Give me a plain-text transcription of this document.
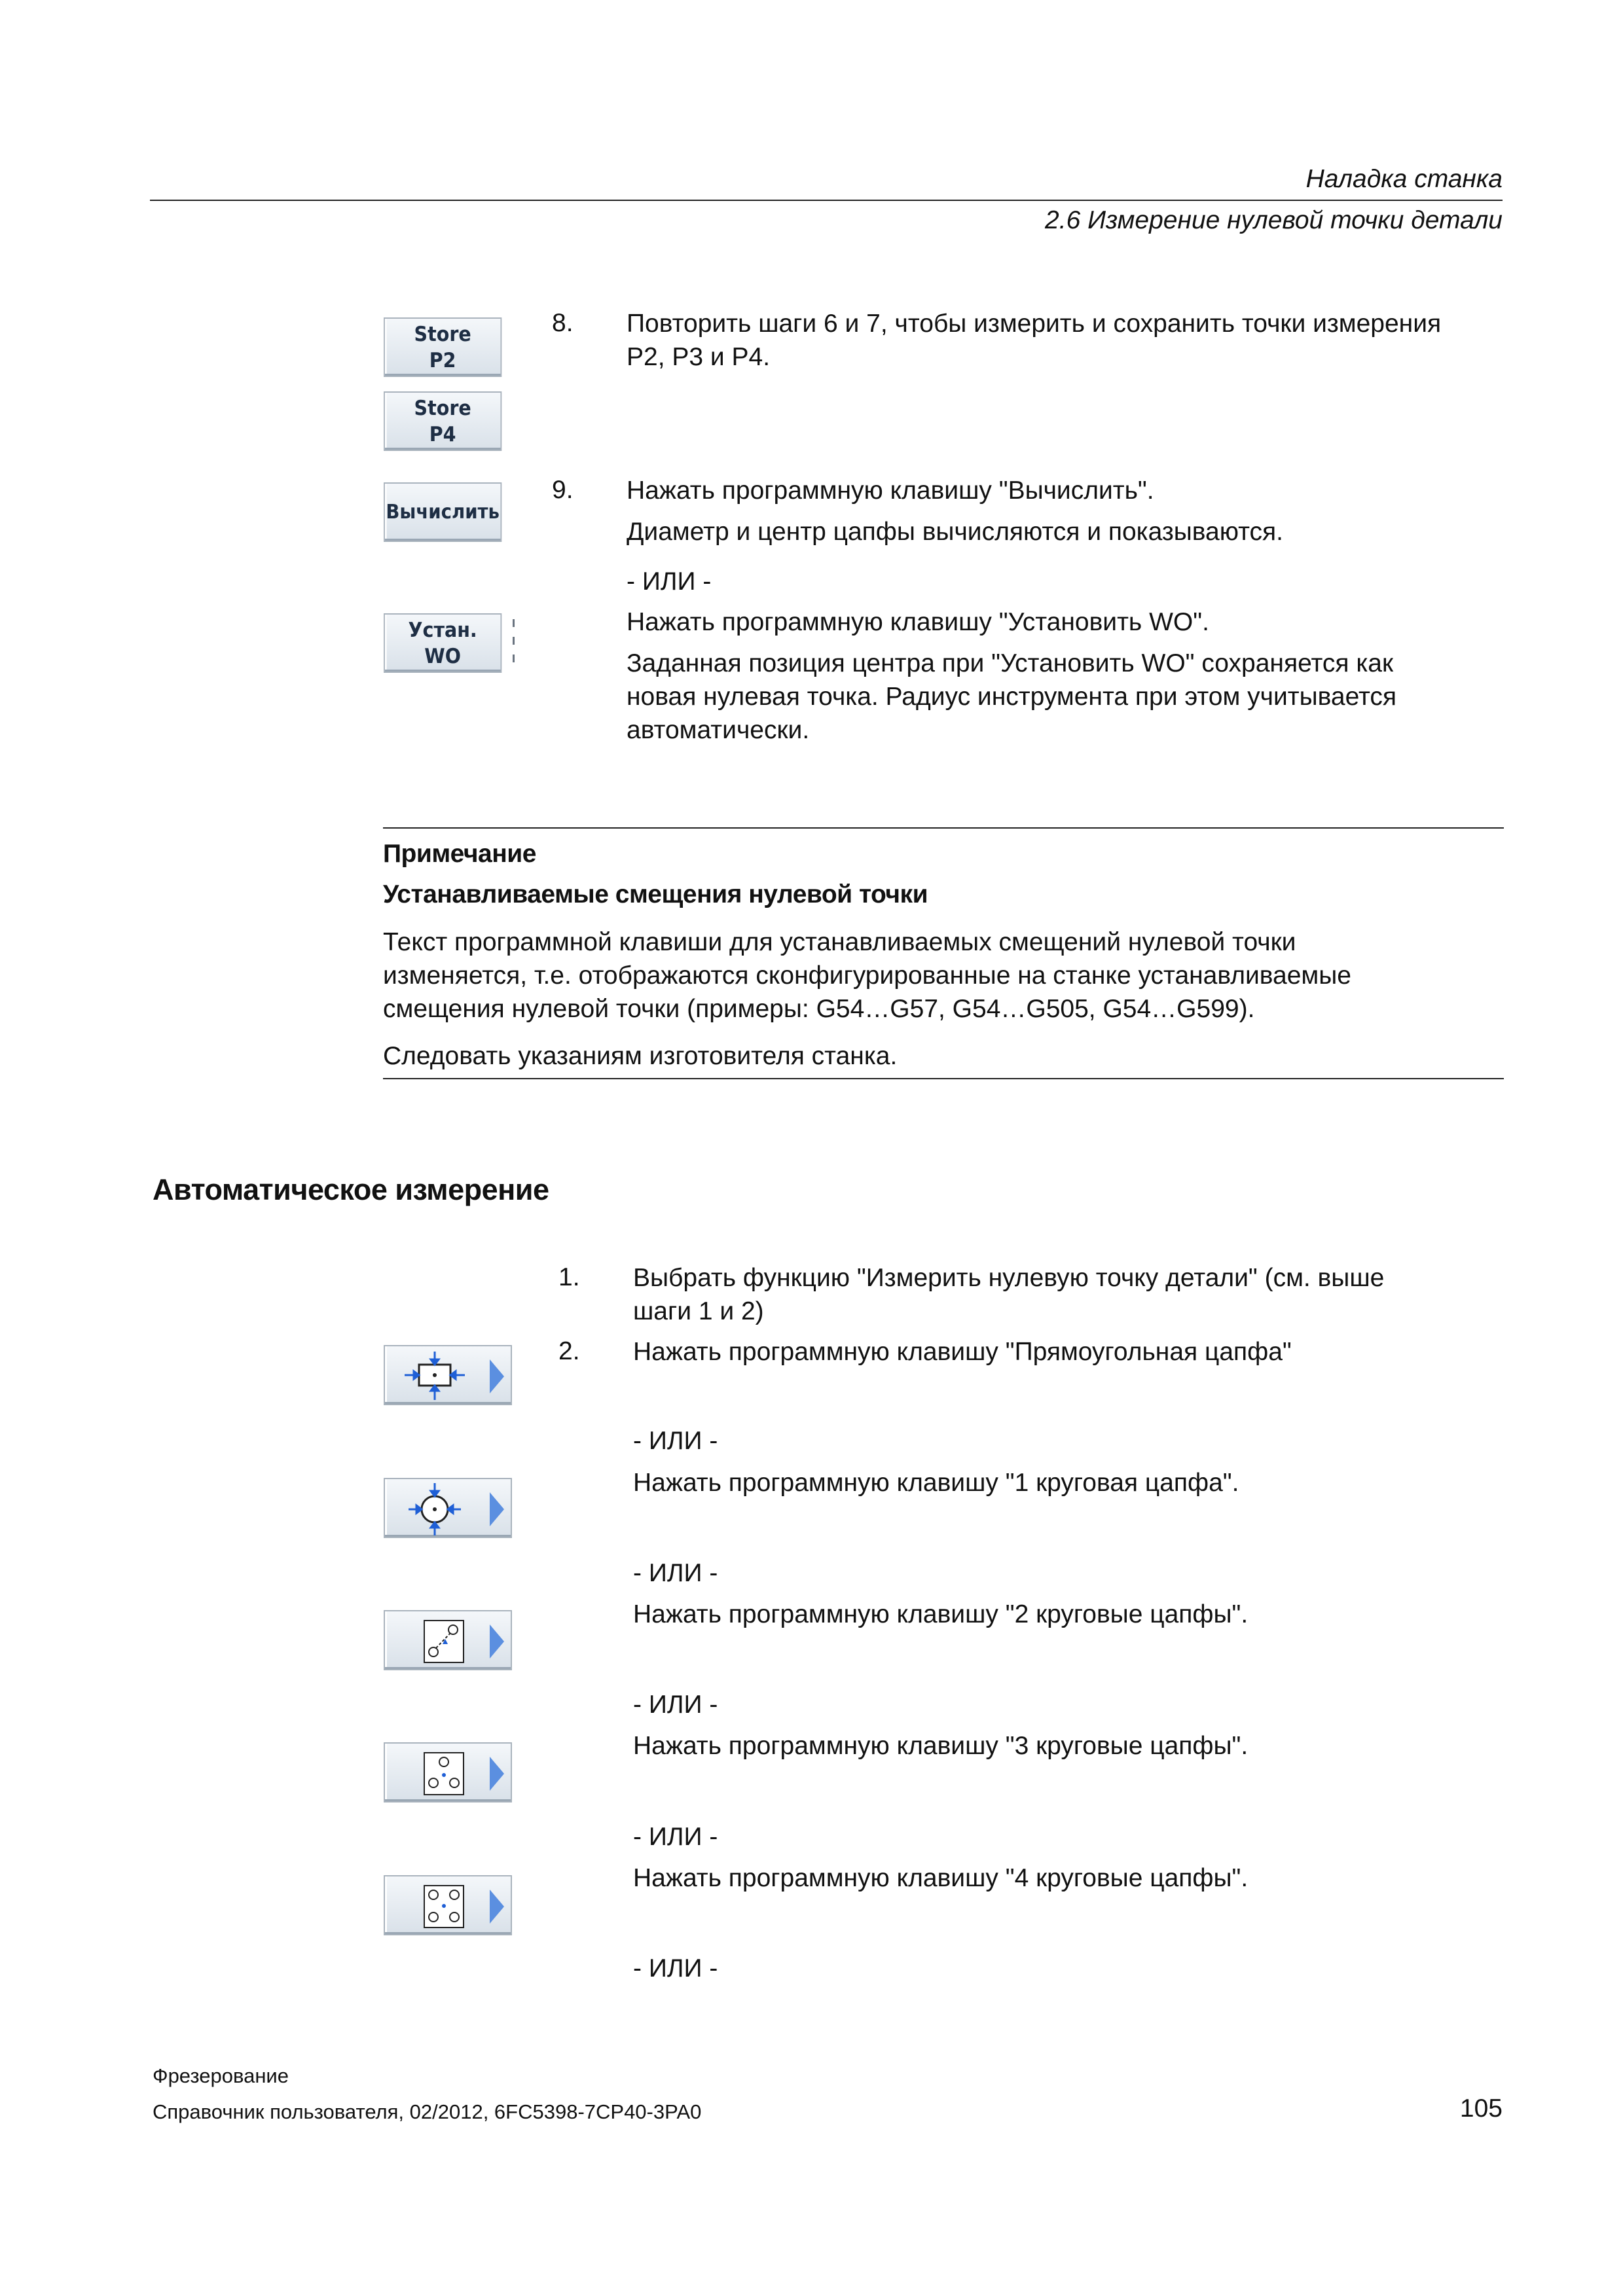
Наладка станка
2.6 Измерение нулевой точки детали
Store
P2
Store
P4
Вычислить
Устан.
WO
8. Повторить шаги 6 и 7, чтобы измерить и сохранить точки измерения
P2, P3 и P4.
9. Нажать программную клавишу "Вычислить".
Диаметр и центр цапфы вычисляются и показываются.
- ИЛИ -
Нажать программную клавишу "Установить WO".
Заданная позиция центра при "Установить WO" сохраняется как
новая нулевая точка. Радиус инструмента при этом учитывается
автоматически.
Примечание
Устанавливаемые смещения нулевой точки
Текст программной клавиши для устанавливаемых смещений нулевой точки
изменяется, т.е. отображаются сконфигурированные на станке устанавливаемые
смещения нулевой точки (примеры: G54…G57, G54…G505, G54…G599).
Следовать указаниям изготовителя станка.
Автоматическое измерение
1. Выбрать функцию "Измерить нулевую точку детали" (см. выше
шаги 1 и 2)
2. Нажать программную клавишу "Прямоугольная цапфа"
- ИЛИ -
Нажать программную клавишу "1 круговая цапфа".
- ИЛИ -
Нажать программную клавишу "2 круговые цапфы".
- ИЛИ -
Нажать программную клавишу "3 круговые цапфы".
- ИЛИ -
Нажать программную клавишу "4 круговые цапфы".
- ИЛИ -
Фрезерование
Справочник пользователя, 02/2012, 6FC5398-7CP40-3PA0	105
